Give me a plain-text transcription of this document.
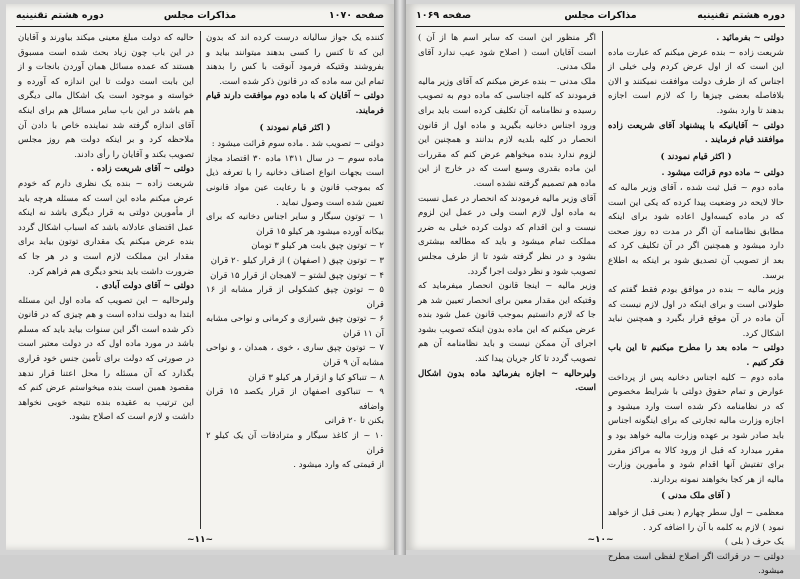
صفحه ۱۰۷۰
مذاكرات مجلس
دوره هشتم تقنينيه

کننده یک جواز سالیانه درست کرده اند که بدون این که تا کنس را کسی بدهند میتوانند بیاید و بفروشند وقتیکه فرمود آنوقت با کس را بدهند تمام این سه ماده که در قانون ذکر شده است.

دولتی ~ آقایان که با ماده دوم موافقت دارند قیام فرمایند.

( اکثر قیام نمودند )

دولتی ~ تصویب شد . ماده سوم قرائت میشود :

ماده سوم ~ در سال ۱۳۱۱ ماده ۳۰ اقتصاد مجاز است بجهات انواع اصناف دخانیه را با تعرفه ذیل که بموجب قانون و با رعایت عین مواد قانونی تعیین شده است وصول نماید .

۱ ~ توتون سیگار و سایر اجناس دخانیه که برای بیکانه آورده میشود هر کیلو ۱۵ قران

۲ ~ توتون چپق بابت هر کیلو ۳ تومان

۳ ~ توتون چپق ( اصفهان ) از قرار کیلو ۲۰ قران

۴ ~ توتون چپق لشتو ~ لاهیجان از قرار ۱۵ قران

۵ ~ توتون چپق کشکولی از قرار مشابه از ۱۶ قران

۶ ~ توتون چپق شیرازی و کرمانی و نواحی مشابه آن ۱۱ قران

۷ ~ توتون چپق ساری ، خوی ، همدان ، و نواحی مشابه آن ۹ قران

۸ ~ تنباکو کیا و ازقرار هر کیلو ۳ قران

۹ ~ تنباکوی اصفهان از قرار یکصد ۱۵ قران واضافه

بکنن تا ۲۰ قرانی

۱۰ ~ از کاغذ سیگار و مترادفات آن یک کیلو ۲ قران

از قیمتی که وارد میشود .

حالیه که دولت مبلغ معینی میکند بیاورند و آقایان در این باب چون زیاد بحث شده است مسبوق هستند که عمده مسائل همان آوردن بانجات و از این بابت است دولت تا این اندازه که آورده و خواسته و موجود است یک اشکال مالی دیگری هم باشد در این باب سایر مسائل هم برای اینکه آقای اندازه گرفته شد نماینده خاص با دادن آن ملاحظه کرد و بر اینکه دولت هم روز مجلس تصویب بکند و آقایان را رأی دادند.

دولتی ~ آقای شریعت زاده .

شریعت زاده ~ بنده یک نظری دارم که خودم عرض میکنم ماده این است که مسئله هرچه باید از مأمورین دولتی به قرار دیگری باشد نه اینکه عمل اقتضای عادلانه باشد که اسباب اشکال گردد بنده عرض میکنم یک مقداری توتون بیاید برای مقدار این مملکت لازم است و در هر جا که ضرورت داشت باید بنحو دیگری هم فراهم کرد.

دولتی ~ آقای دولت آبادی .

ولیرحالیه ~ این تصویب که ماده اول این مسئله ابتدا به دولت نداده است و هم چیزی که در قانون ذکر شده است اگر این سنوات بیاید باید که مسلم باشد در مورد ماده اول که در دولت معتبر است در صورتی که دولت برای تأمین جنس خود قراری بگذارد که آن مسئله را محل اعتنا قرار ندهد مقصود همین است بنده میخواستم عرض کنم که این ترتیب به عقیده بنده نتیجه خوبی نخواهد داشت و لازم است که اصلاح بشود.

~۱۱~
دوره هشتم تقنينيه
مذاكرات مجلس
صفحه ۱۰۶۹

دولتی ~ بفرمائید .

شریعت زاده ~ بنده عرض میکنم که عبارت ماده این است که از اول عرض کردم ولی خیلی از اجناس که از طرف دولت موافقت نمیکنند و الان بلافاصله بعضی چیزها را که لازم است اجازه بدهند تا وارد بشود.

دولتی ~ آقایانیکه با پیشنهاد آقای شریعت زاده موافقند قیام فرمایند .

( اکثر قیام نمودند )

دولتی ~ ماده دوم قرائت میشود .

ماده دوم ~ قبل ثبت شده ، آقای وزیر مالیه که حالا لایحه در وضعیت پیدا کرده که یکی این است که در ماده کیسه‌اول اعاده شود برای اینکه مطابق نظامنامه آن اگر در مدت ده روز صحت دارد میشود و همچنین اگر در آن تکلیف کرد که بعد از تصویب آن تصدیق شود بر اینکه به اطلاع برسد.

وزیر مالیه ~ بنده در موافق بودم فقط گفتم که طولانی است و برای اینکه در اول لازم نیست که آن ماده در آن موقع قرار بگیرد و همچنین نباید اشکال کرد.

دولتی ~ ماده بعد را مطرح میکنیم تا این باب فکر کنیم .

ماده دوم ~ کلیه اجناس دخانیه پس از پرداخت عوارض و تمام حقوق دولتی با شرایط مخصوص که در نظامنامه ذکر شده است وارد میشود و اجازه وزارت مالیه تجارتی که برای اینگونه اجناس باید صادر شود بر عهده وزارت مالیه خواهد بود و مقرر میدارد که قبل از ورود کالا به مراکز مقرر برای تفتیش آنها اقدام شود و مأمورین وزارت مالیه از هر کجا بخواهند نمونه بردارند.

( آقای ملک مدنی )

معظمی ~ اول سطر چهارم ( بعنی قبل از خواهد نمود ) لازم به کلمه با آن را اضافه کرد .

یک حرف ( بلی )

دولتی ~ در قرائت اگر اصلاح لفظی است مطرح میشود.

اگر منظور این است که سایر اسم ها از آن ) است آقایان است ( اصلاح شود عیب ندارد آقای ملک مدنی.

ملک مدنی ~ بنده عرض میکنم که آقای وزیر مالیه فرمودند که کلیه اجناسی که ماده دوم به تصویب رسیده و نظامنامه آن تکلیف کرده است باید برای ورود اجناس دخانیه بگیرید و ماده اول از قانون انحصار در کلیه بلدیه لازم بدانند و همچنین این لزوم ندارد بنده میخواهم عرض کنم که مقررات این ماده بقدری وسیع است که در خارج از این ماده هم تصمیم گرفته نشده است.

آقای وزیر مالیه فرمودند که انحصار در عمل نسبت به ماده اول لازم است ولی در عمل این لزوم نیست و این اقدام که دولت کرده خیلی به ضرر مملکت تمام میشود و باید که مطالعه بیشتری بشود و در نظر گرفته شود تا از طرف مجلس تصویب شود و نظر دولت اجرا گردد.

وزیر مالیه ~ اینجا قانون انحصار میفرماید که وقتیکه این مقدار معین برای انحصار تعیین شد هر جا که لازم دانستیم بموجب قانون عمل شود بنده عرض میکنم که این ماده بدون اینکه تصویب بشود اجرای آن ممکن نیست و باید نظامنامه آن هم تصویب گردد تا کار جریان پیدا کند.

ولیرحالیه ~ اجازه بفرمائید ماده بدون اشکال است.

~۱۰~
